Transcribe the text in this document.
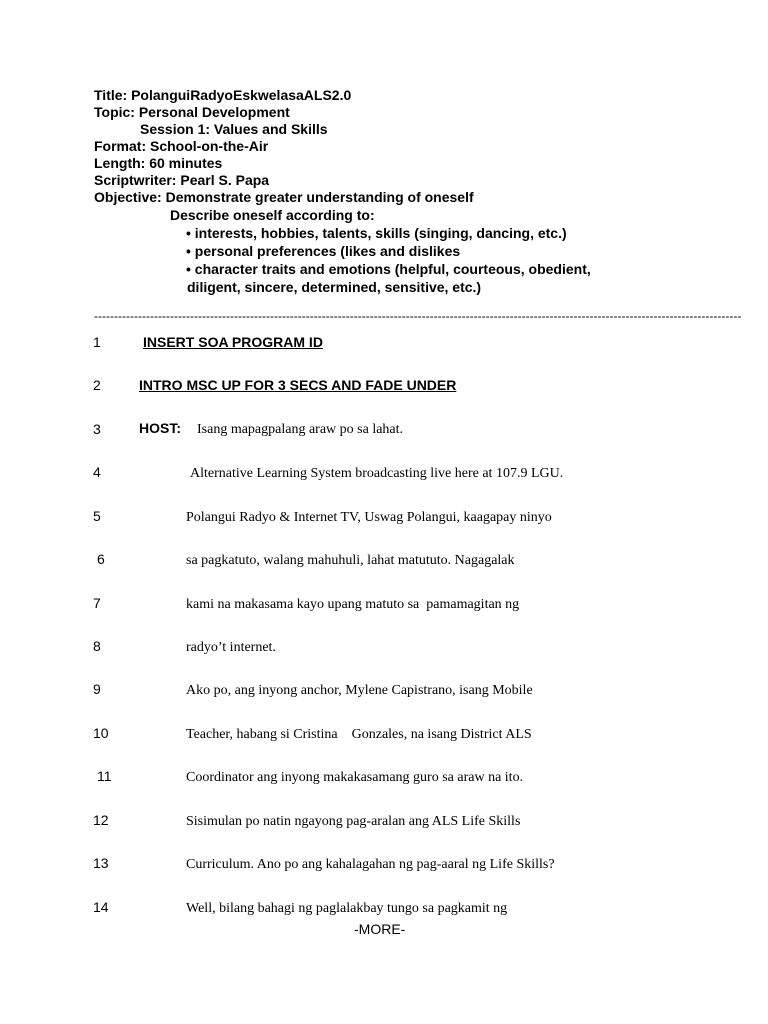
Title: PolanguiRadyoEskwelasaALS2.0
Topic: Personal Development
Session 1: Values and Skills
Format: School-on-the-Air
Length: 60 minutes
Scriptwriter: Pearl S. Papa
Objective: Demonstrate greater understanding of oneself
Describe oneself according to:
• interests, hobbies, talents, skills (singing, dancing, etc.)
• personal preferences (likes and dislikes
• character traits and emotions (helpful, courteous, obedient,
diligent, sincere, determined, sensitive, etc.)
------------------------------------------------------------------------------------------------------------------------------------------------------------------
1	INSERT SOA PROGRAM ID
2	INTRO MSC UP FOR 3 SECS AND FADE UNDER
3	HOST: Isang mapagpalang araw po sa lahat.
4	Alternative Learning System broadcasting live here at 107.9 LGU.
5	Polangui Radyo & Internet TV, Uswag Polangui, kaagapay ninyo
6	sa pagkatuto, walang mahuhuli, lahat matututo. Nagagalak
7	kami na makasama kayo upang matuto sa  pamamagitan ng
8	radyo’t internet.
9	Ako po, ang inyong anchor, Mylene Capistrano, isang Mobile
10	Teacher, habang si Cristina    Gonzales, na isang District ALS
11	Coordinator ang inyong makakasamang guro sa araw na ito.
12	Sisimulan po natin ngayong pag-aralan ang ALS Life Skills
13	Curriculum. Ano po ang kahalagahan ng pag-aaral ng Life Skills?
14	Well, bilang bahagi ng paglalakbay tungo sa pagkamit ng
-MORE-
